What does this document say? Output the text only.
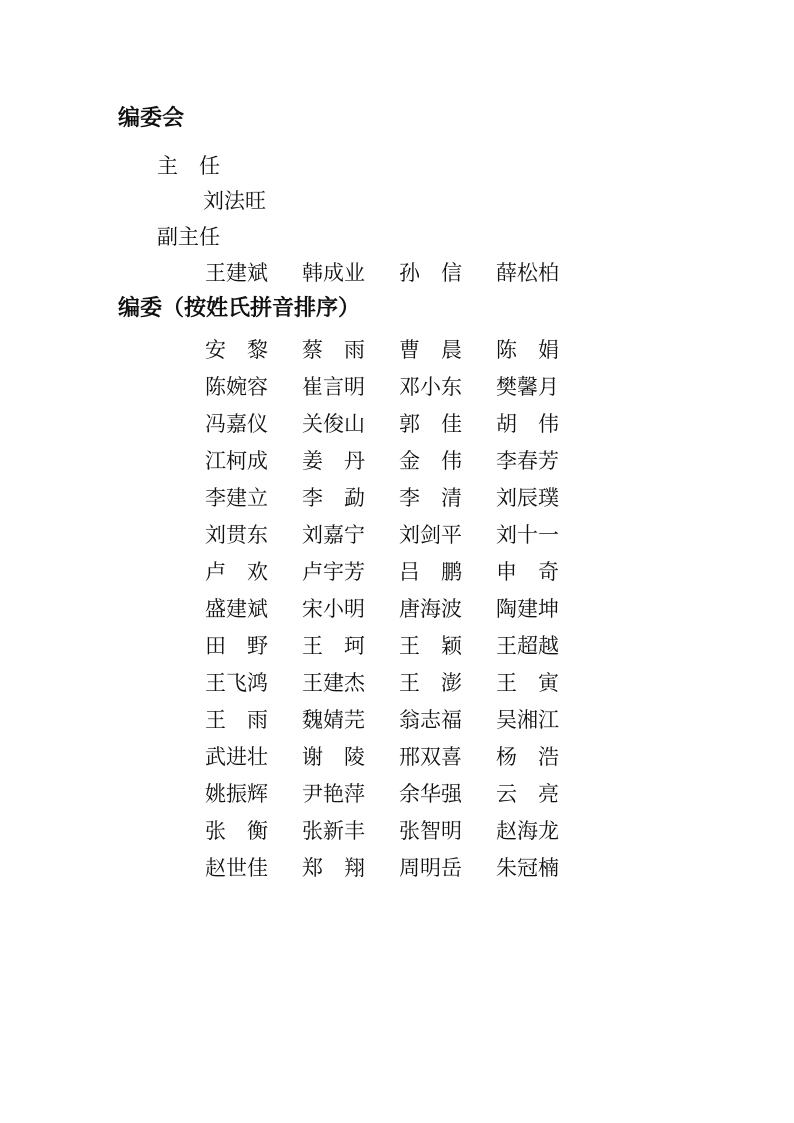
编委会
主　任
刘法旺
副主任
王建斌	韩成业	孙　信	薛松柏
编委（按姓氏拼音排序）
安　黎	蔡　雨	曹　晨	陈　娟
陈婉容	崔言明	邓小东	樊馨月
冯嘉仪	关俊山	郭　佳	胡　伟
江柯成	姜　丹	金　伟	李春芳
李建立	李　勐	李　清	刘辰璞
刘贯东	刘嘉宁	刘剑平	刘十一
卢　欢	卢宇芳	吕　鹏	申　奇
盛建斌	宋小明	唐海波	陶建坤
田　野	王　珂	王　颖	王超越
王飞鸿	王建杰	王　澎	王　寅
王　雨	魏婧芫	翁志福	吴湘江
武进壮	谢　陵	邢双喜	杨　浩
姚振辉	尹艳萍	余华强	云　亮
张　衡	张新丰	张智明	赵海龙
赵世佳	郑　翔	周明岳	朱冠楠
